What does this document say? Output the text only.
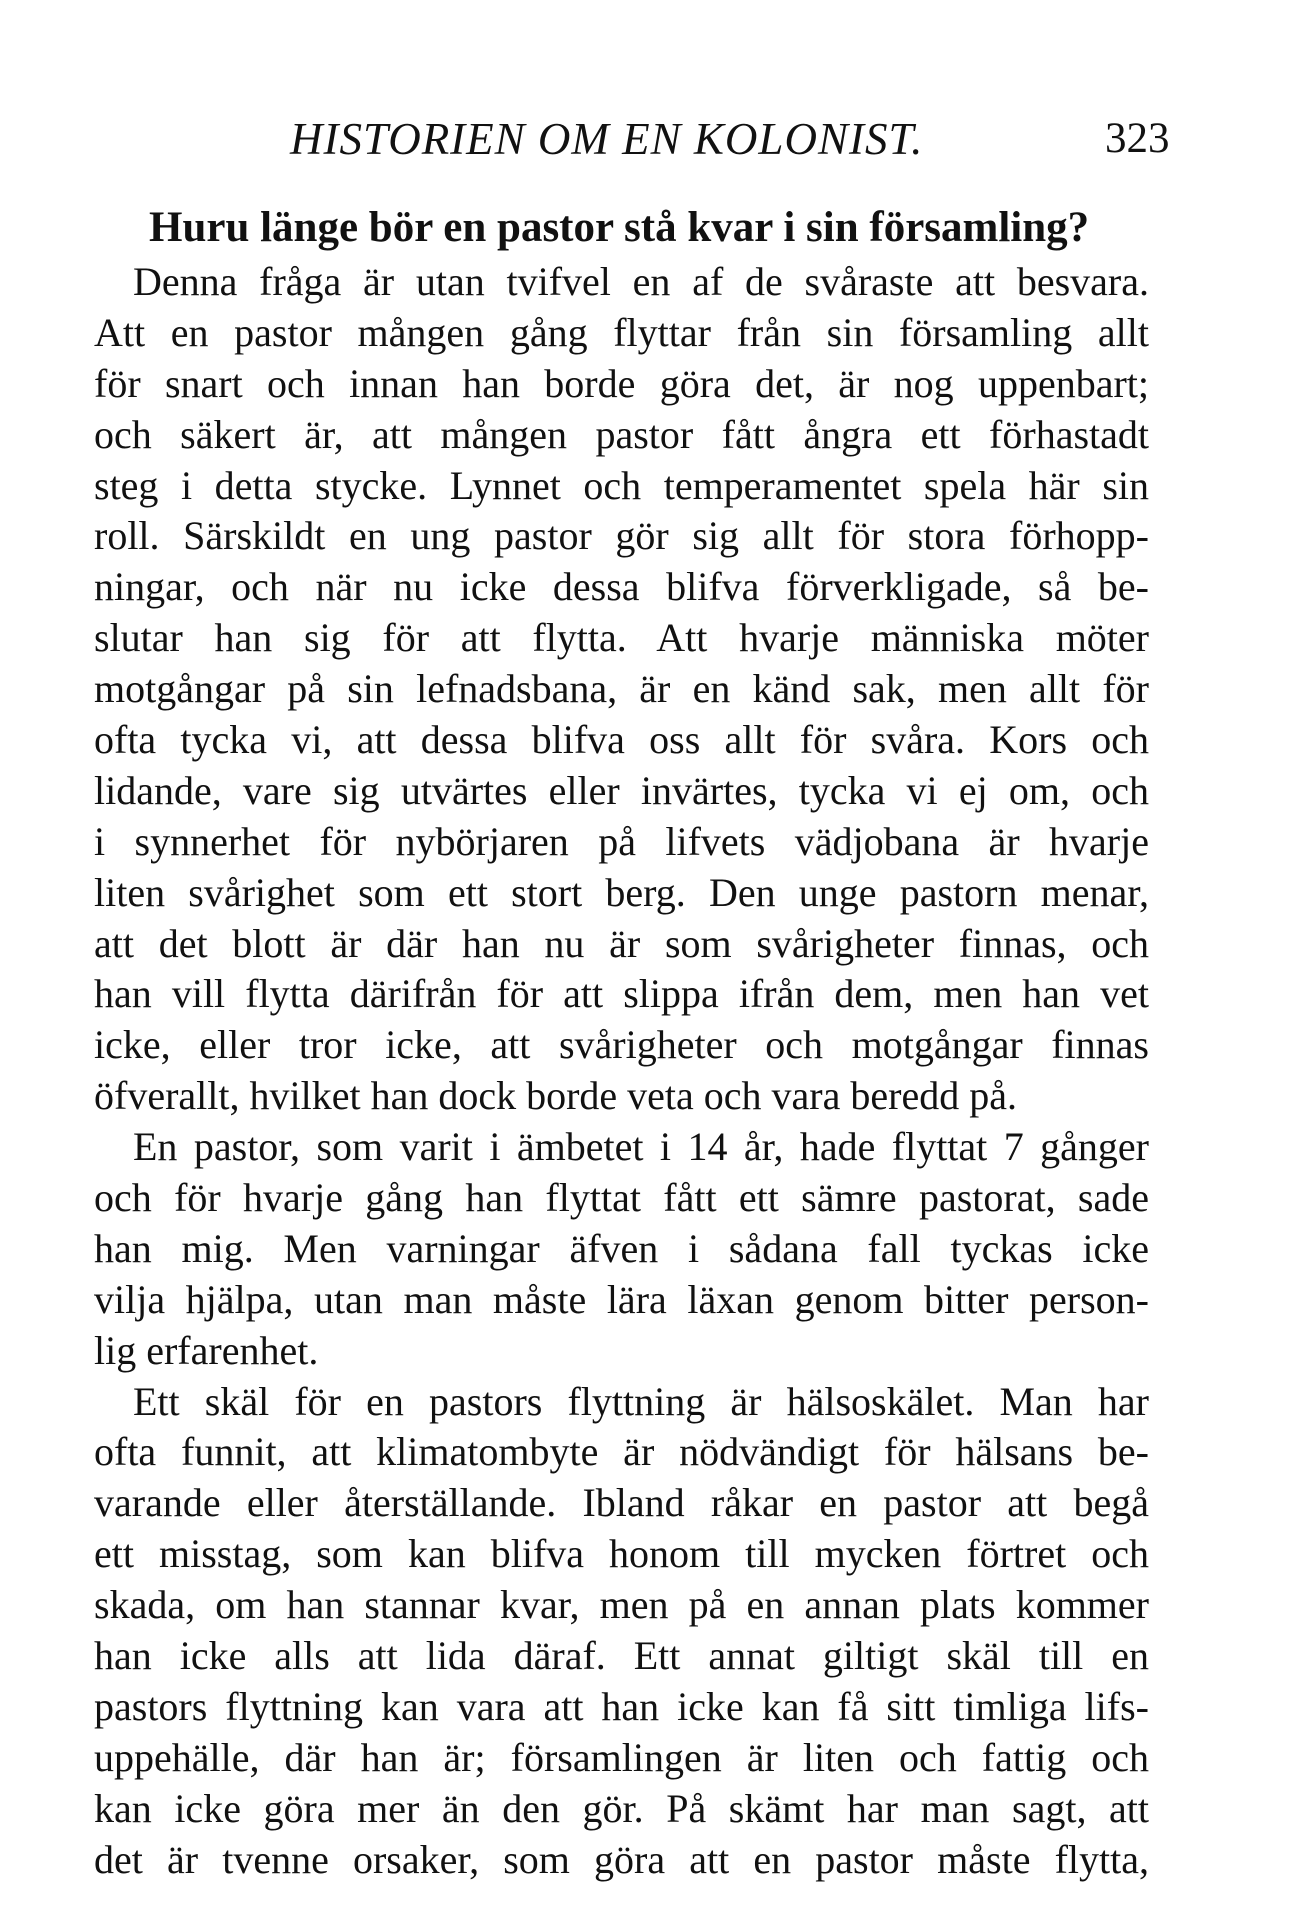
HISTORIEN OM EN KOLONIST.	323
Huru länge bör en pastor stå kvar i sin församling?
Denna fråga är utan tvifvel en af de svåraste att besvara.
Att en pastor mången gång flyttar från sin församling allt
för snart och innan han borde göra det, är nog uppenbart;
och säkert är, att mången pastor fått ångra ett förhastadt
steg i detta stycke. Lynnet och temperamentet spela här sin
roll. Särskildt en ung pastor gör sig allt för stora förhopp-
ningar, och när nu icke dessa blifva förverkligade, så be-
slutar han sig för att flytta. Att hvarje människa möter
motgångar på sin lefnadsbana, är en känd sak, men allt för
ofta tycka vi, att dessa blifva oss allt för svåra. Kors och
lidande, vare sig utvärtes eller invärtes, tycka vi ej om, och
i synnerhet för nybörjaren på lifvets vädjobana är hvarje
liten svårighet som ett stort berg. Den unge pastorn menar,
att det blott är där han nu är som svårigheter finnas, och
han vill flytta därifrån för att slippa ifrån dem, men han vet
icke, eller tror icke, att svårigheter och motgångar finnas
öfverallt, hvilket han dock borde veta och vara beredd på.
En pastor, som varit i ämbetet i 14 år, hade flyttat 7 gånger
och för hvarje gång han flyttat fått ett sämre pastorat, sade
han mig. Men varningar äfven i sådana fall tyckas icke
vilja hjälpa, utan man måste lära läxan genom bitter person-
lig erfarenhet.
Ett skäl för en pastors flyttning är hälsoskälet. Man har
ofta funnit, att klimatombyte är nödvändigt för hälsans be-
varande eller återställande. Ibland råkar en pastor att begå
ett misstag, som kan blifva honom till mycken förtret och
skada, om han stannar kvar, men på en annan plats kommer
han icke alls att lida däraf. Ett annat giltigt skäl till en
pastors flyttning kan vara att han icke kan få sitt timliga lifs-
uppehälle, där han är; församlingen är liten och fattig och
kan icke göra mer än den gör. På skämt har man sagt, att
det är tvenne orsaker, som göra att en pastor måste flytta,
